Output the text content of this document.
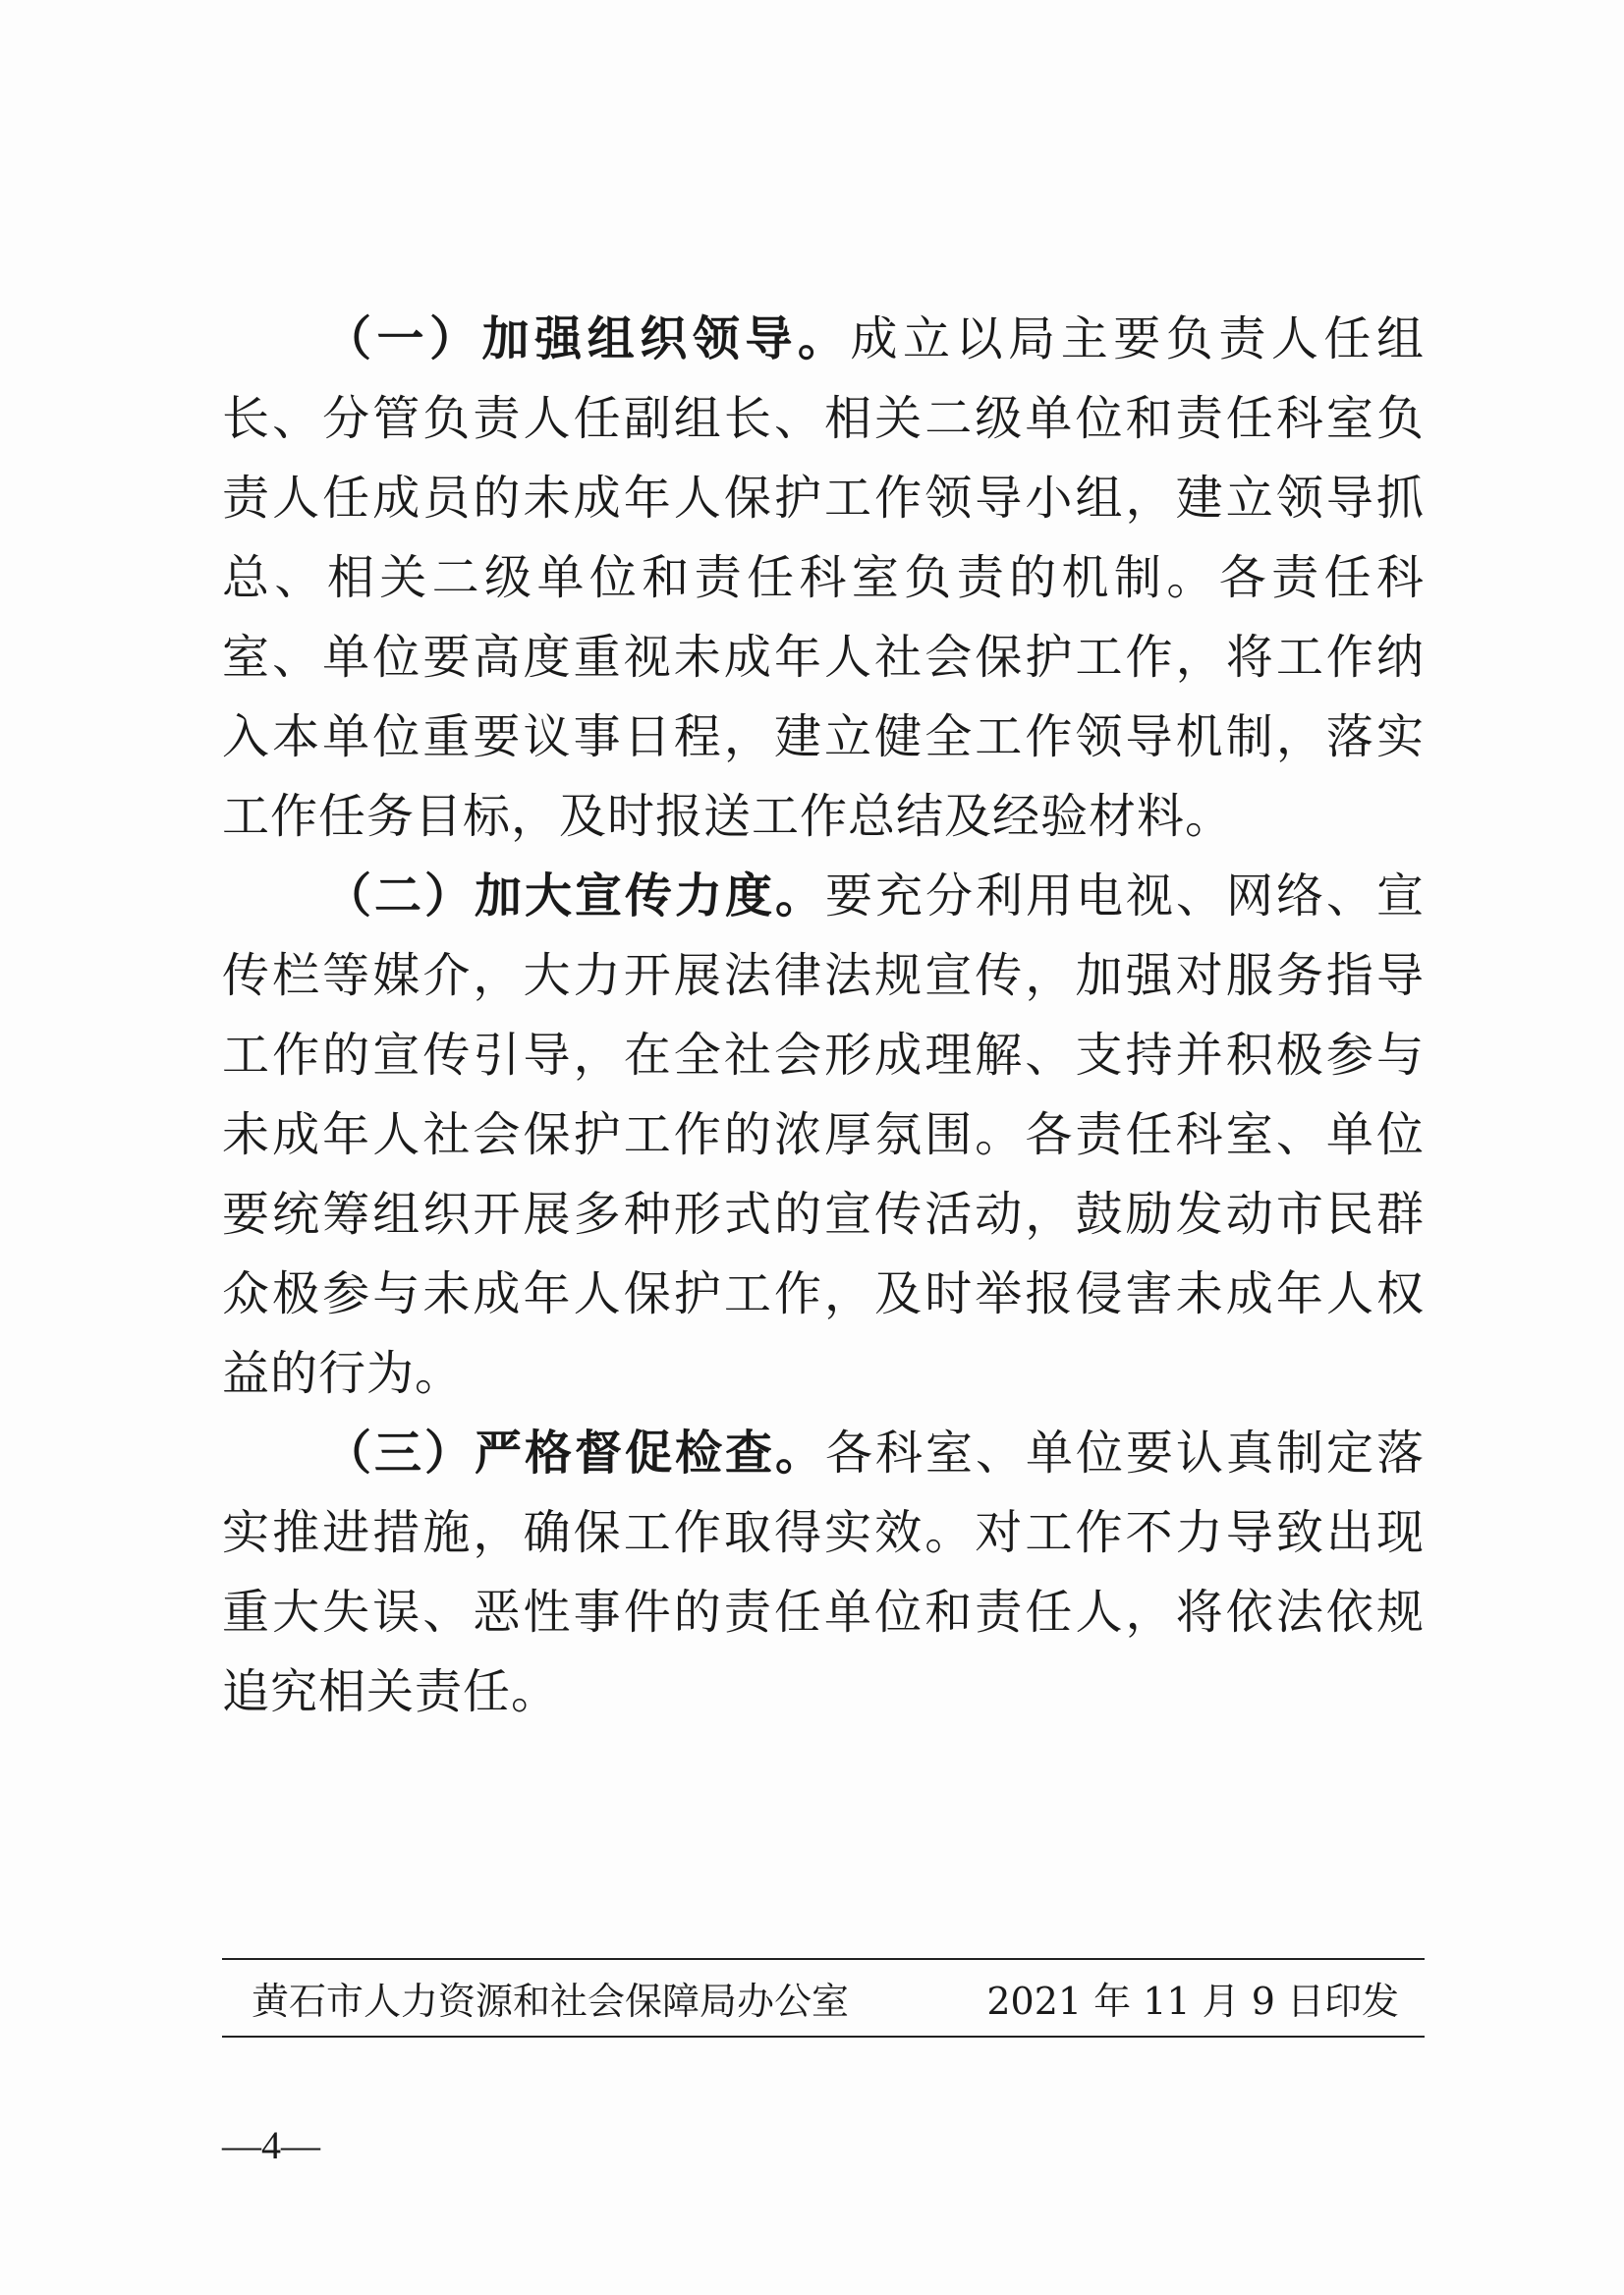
（一）加强组织领导。成立以局主要负责人任组长、分管负责人任副组长、相关二级单位和责任科室负责人任成员的未成年人保护工作领导小组，建立领导抓总、相关二级单位和责任科室负责的机制。各责任科室、单位要高度重视未成年人社会保护工作，将工作纳入本单位重要议事日程，建立健全工作领导机制，落实工作任务目标，及时报送工作总结及经验材料。

（二）加大宣传力度。要充分利用电视、网络、宣传栏等媒介，大力开展法律法规宣传，加强对服务指导工作的宣传引导，在全社会形成理解、支持并积极参与未成年人社会保护工作的浓厚氛围。各责任科室、单位要统筹组织开展多种形式的宣传活动，鼓励发动市民群众极参与未成年人保护工作，及时举报侵害未成年人权益的行为。

（三）严格督促检查。各科室、单位要认真制定落实推进措施，确保工作取得实效。对工作不力导致出现重大失误、恶性事件的责任单位和责任人，将依法依规追究相关责任。

黄石市人力资源和社会保障局办公室	2021 年 11 月 9 日印发
—4—
